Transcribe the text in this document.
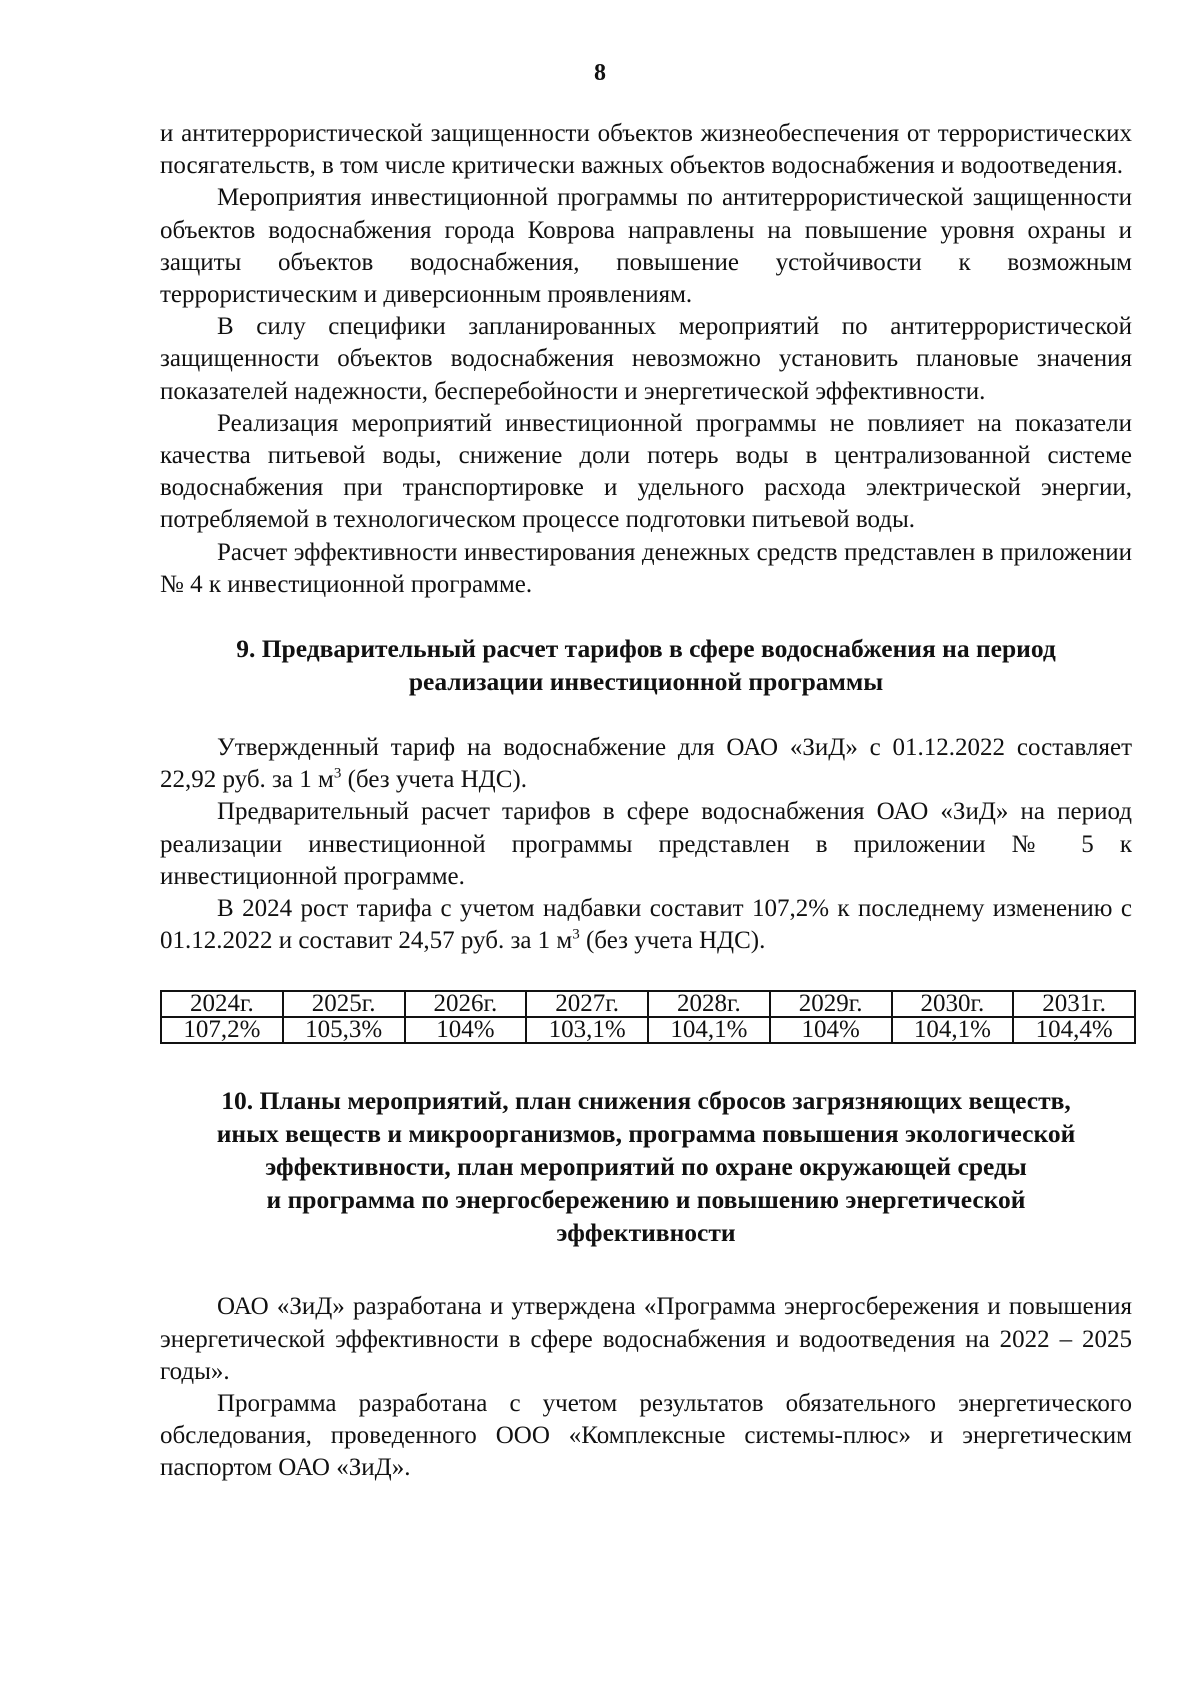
8

и антитеррористической защищенности объектов жизнеобеспечения от террористических посягательств, в том числе критически важных объектов водоснабжения и водоотведения.

Мероприятия инвестиционной программы по антитеррористической защищенности объектов водоснабжения города Коврова направлены на повышение уровня охраны и защиты объектов водоснабжения, повышение устойчивости к возможным террористическим и диверсионным проявлениям.

В силу специфики запланированных мероприятий по антитеррористической защищенности объектов водоснабжения невозможно установить плановые значения показателей надежности, бесперебойности и энергетической эффективности.

Реализация мероприятий инвестиционной программы не повлияет на показатели качества питьевой воды, снижение доли потерь воды в централизованной системе водоснабжения при транспортировке и удельного расхода электрической энергии, потребляемой в технологическом процессе подготовки питьевой воды.

Расчет эффективности инвестирования денежных средств представлен в приложении № 4 к инвестиционной программе.

9. Предварительный расчет тарифов в сфере водоснабжения на период
реализации инвестиционной программы

Утвержденный тариф на водоснабжение для ОАО «ЗиД» с 01.12.2022 составляет 22,92 руб. за 1 $м^3$ (без учета НДС).

Предварительный расчет тарифов в сфере водоснабжения ОАО «ЗиД» на период реализации инвестиционной программы представлен в приложении № 5 к инвестиционной программе.

В 2024 рост тарифа с учетом надбавки составит 107,2% к последнему изменению с 01.12.2022 и составит 24,57 руб. за 1 $м^3$ (без учета НДС).

2024г.	2025г.	2026г.	2027г.	2028г.	2029г.	2030г.	2031г.
107,2%	105,3%	104%	103,1%	104,1%	104%	104,1%	104,4%
10. Планы мероприятий, план снижения сбросов загрязняющих веществ,
иных веществ и микроорганизмов, программа повышения экологической
эффективности, план мероприятий по охране окружающей среды
и программа по энергосбережению и повышению энергетической
эффективности

ОАО «ЗиД» разработана и утверждена «Программа энергосбережения и повышения энергетической эффективности в сфере водоснабжения и водоотведения на 2022 – 2025 годы».

Программа разработана с учетом результатов обязательного энергетического обследования, проведенного ООО «Комплексные системы-плюс» и энергетическим паспортом ОАО «ЗиД».
